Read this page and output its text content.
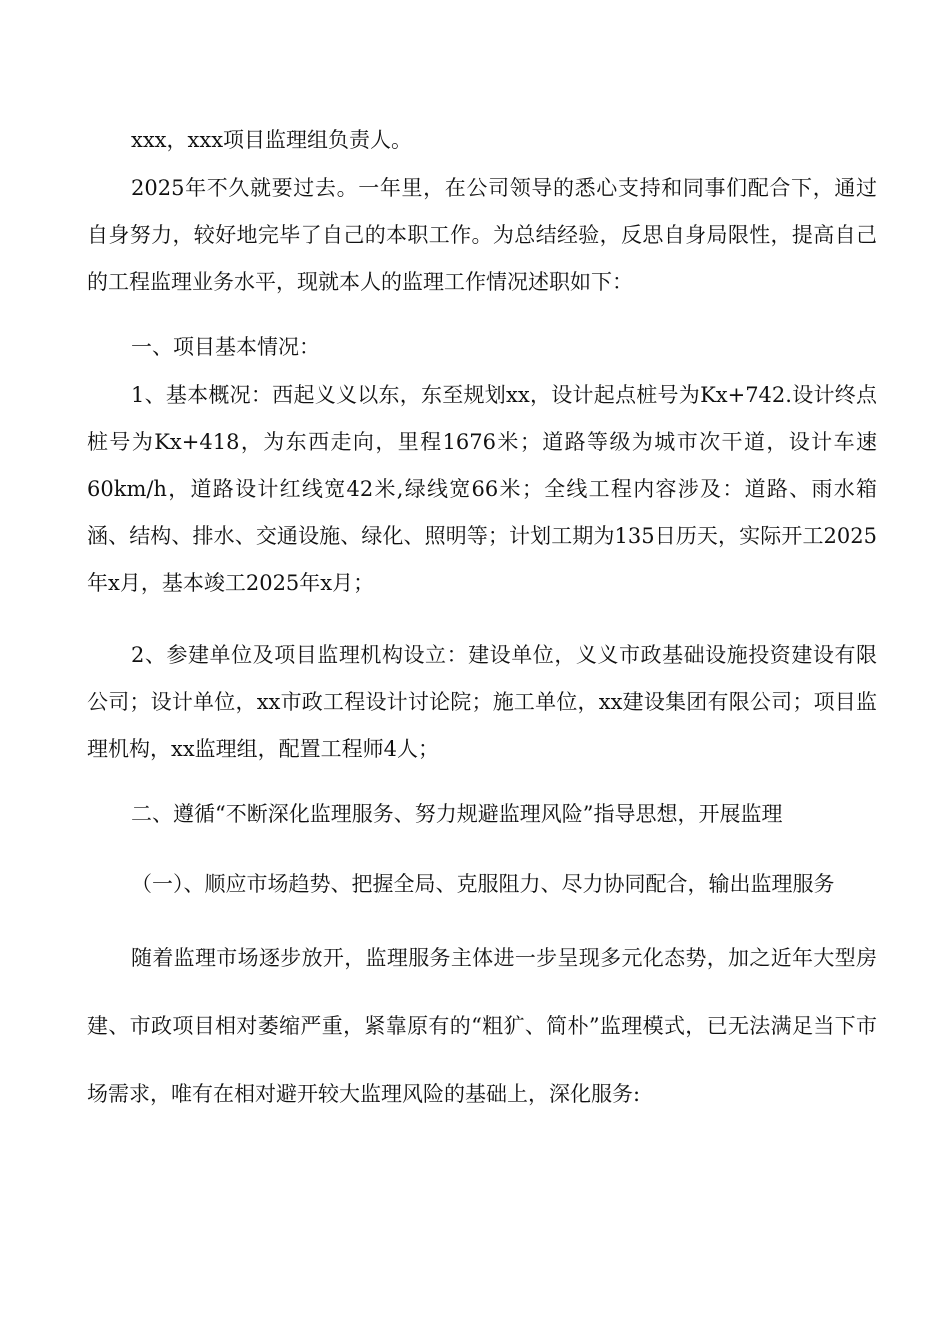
xxx，xxx项目监理组负责人。

2025年不久就要过去。一年里，在公司领导的悉心支持和同事们配合下，通过自身努力，较好地完毕了自己的本职工作。为总结经验，反思自身局限性，提高自己的工程监理业务水平，现就本人的监理工作情况述职如下：

一、项目基本情况：

1、基本概况：西起义义以东，东至规划xx，设计起点桩号为Kx+742.设计终点桩号为Kx+418，为东西走向，里程1676米；道路等级为城市次干道，设计车速60km/h，道路设计红线宽42米,绿线宽66米；全线工程内容涉及：道路、雨水箱涵、结构、排水、交通设施、绿化、照明等；计划工期为135日历天，实际开工2025年x月，基本竣工2025年x月；

2、参建单位及项目监理机构设立：建设单位，义义市政基础设施投资建设有限公司；设计单位，xx市政工程设计讨论院；施工单位，xx建设集团有限公司；项目监理机构，xx监理组，配置工程师4人；

二、遵循“不断深化监理服务、努力规避监理风险”指导思想，开展监理

（一）、顺应市场趋势、把握全局、克服阻力、尽力协同配合，输出监理服务

随着监理市场逐步放开，监理服务主体进一步呈现多元化态势，加之近年大型房建、市政项目相对萎缩严重，紧靠原有的“粗犷、简朴”监理模式，已无法满足当下市场需求，唯有在相对避开较大监理风险的基础上，深化服务:
